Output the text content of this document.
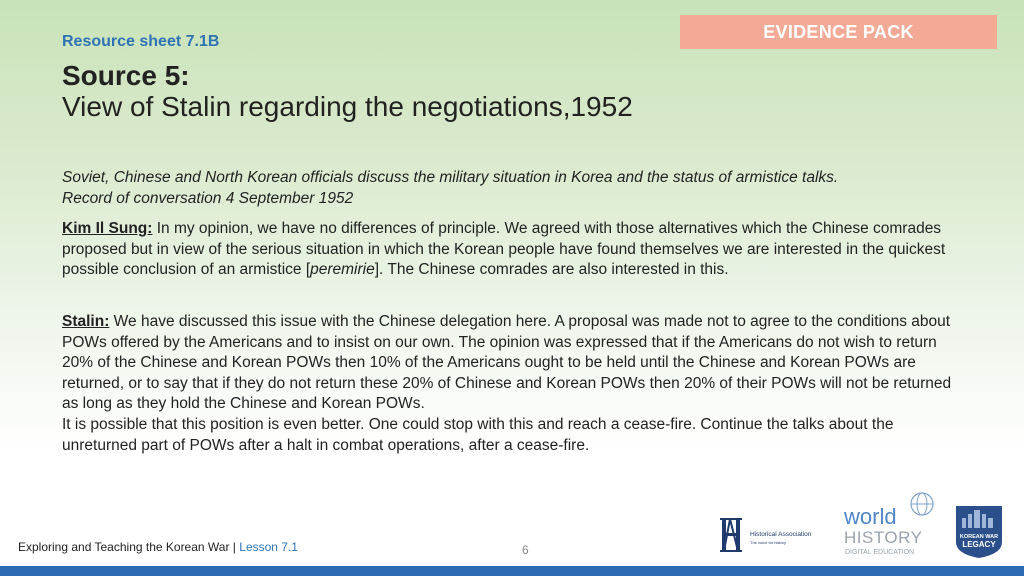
EVIDENCE PACK
Resource sheet 7.1B
Source 5:
View of Stalin regarding the negotiations,1952
Soviet, Chinese and North Korean officials discuss the military situation in Korea and the status of armistice talks.
Record of conversation 4 September 1952
Kim Il Sung: In my opinion, we have no differences of principle. We agreed with those alternatives which the Chinese comrades proposed but in view of the serious situation in which the Korean people have found themselves we are interested in the quickest possible conclusion of an armistice [peremirie]. The Chinese comrades are also interested in this.
Stalin: We have discussed this issue with the Chinese delegation here. A proposal was made not to agree to the conditions about POWs offered by the Americans and to insist on our own. The opinion was expressed that if the Americans do not wish to return 20% of the Chinese and Korean POWs then 10% of the Americans ought to be held until the Chinese and Korean POWs are returned, or to say that if they do not return these 20% of Chinese and Korean POWs then 20% of their POWs will not be returned as long as they hold the Chinese and Korean POWs.
It is possible that this position is even better. One could stop with this and reach a cease-fire. Continue the talks about the unreturned part of POWs after a halt in combat operations, after a cease-fire.
Historical Association
The voice for history
world
HISTORY
DIGITAL EDUCATION
KOREAN WAR
LEGACY
Exploring and Teaching the Korean War | Lesson 7.1	6
